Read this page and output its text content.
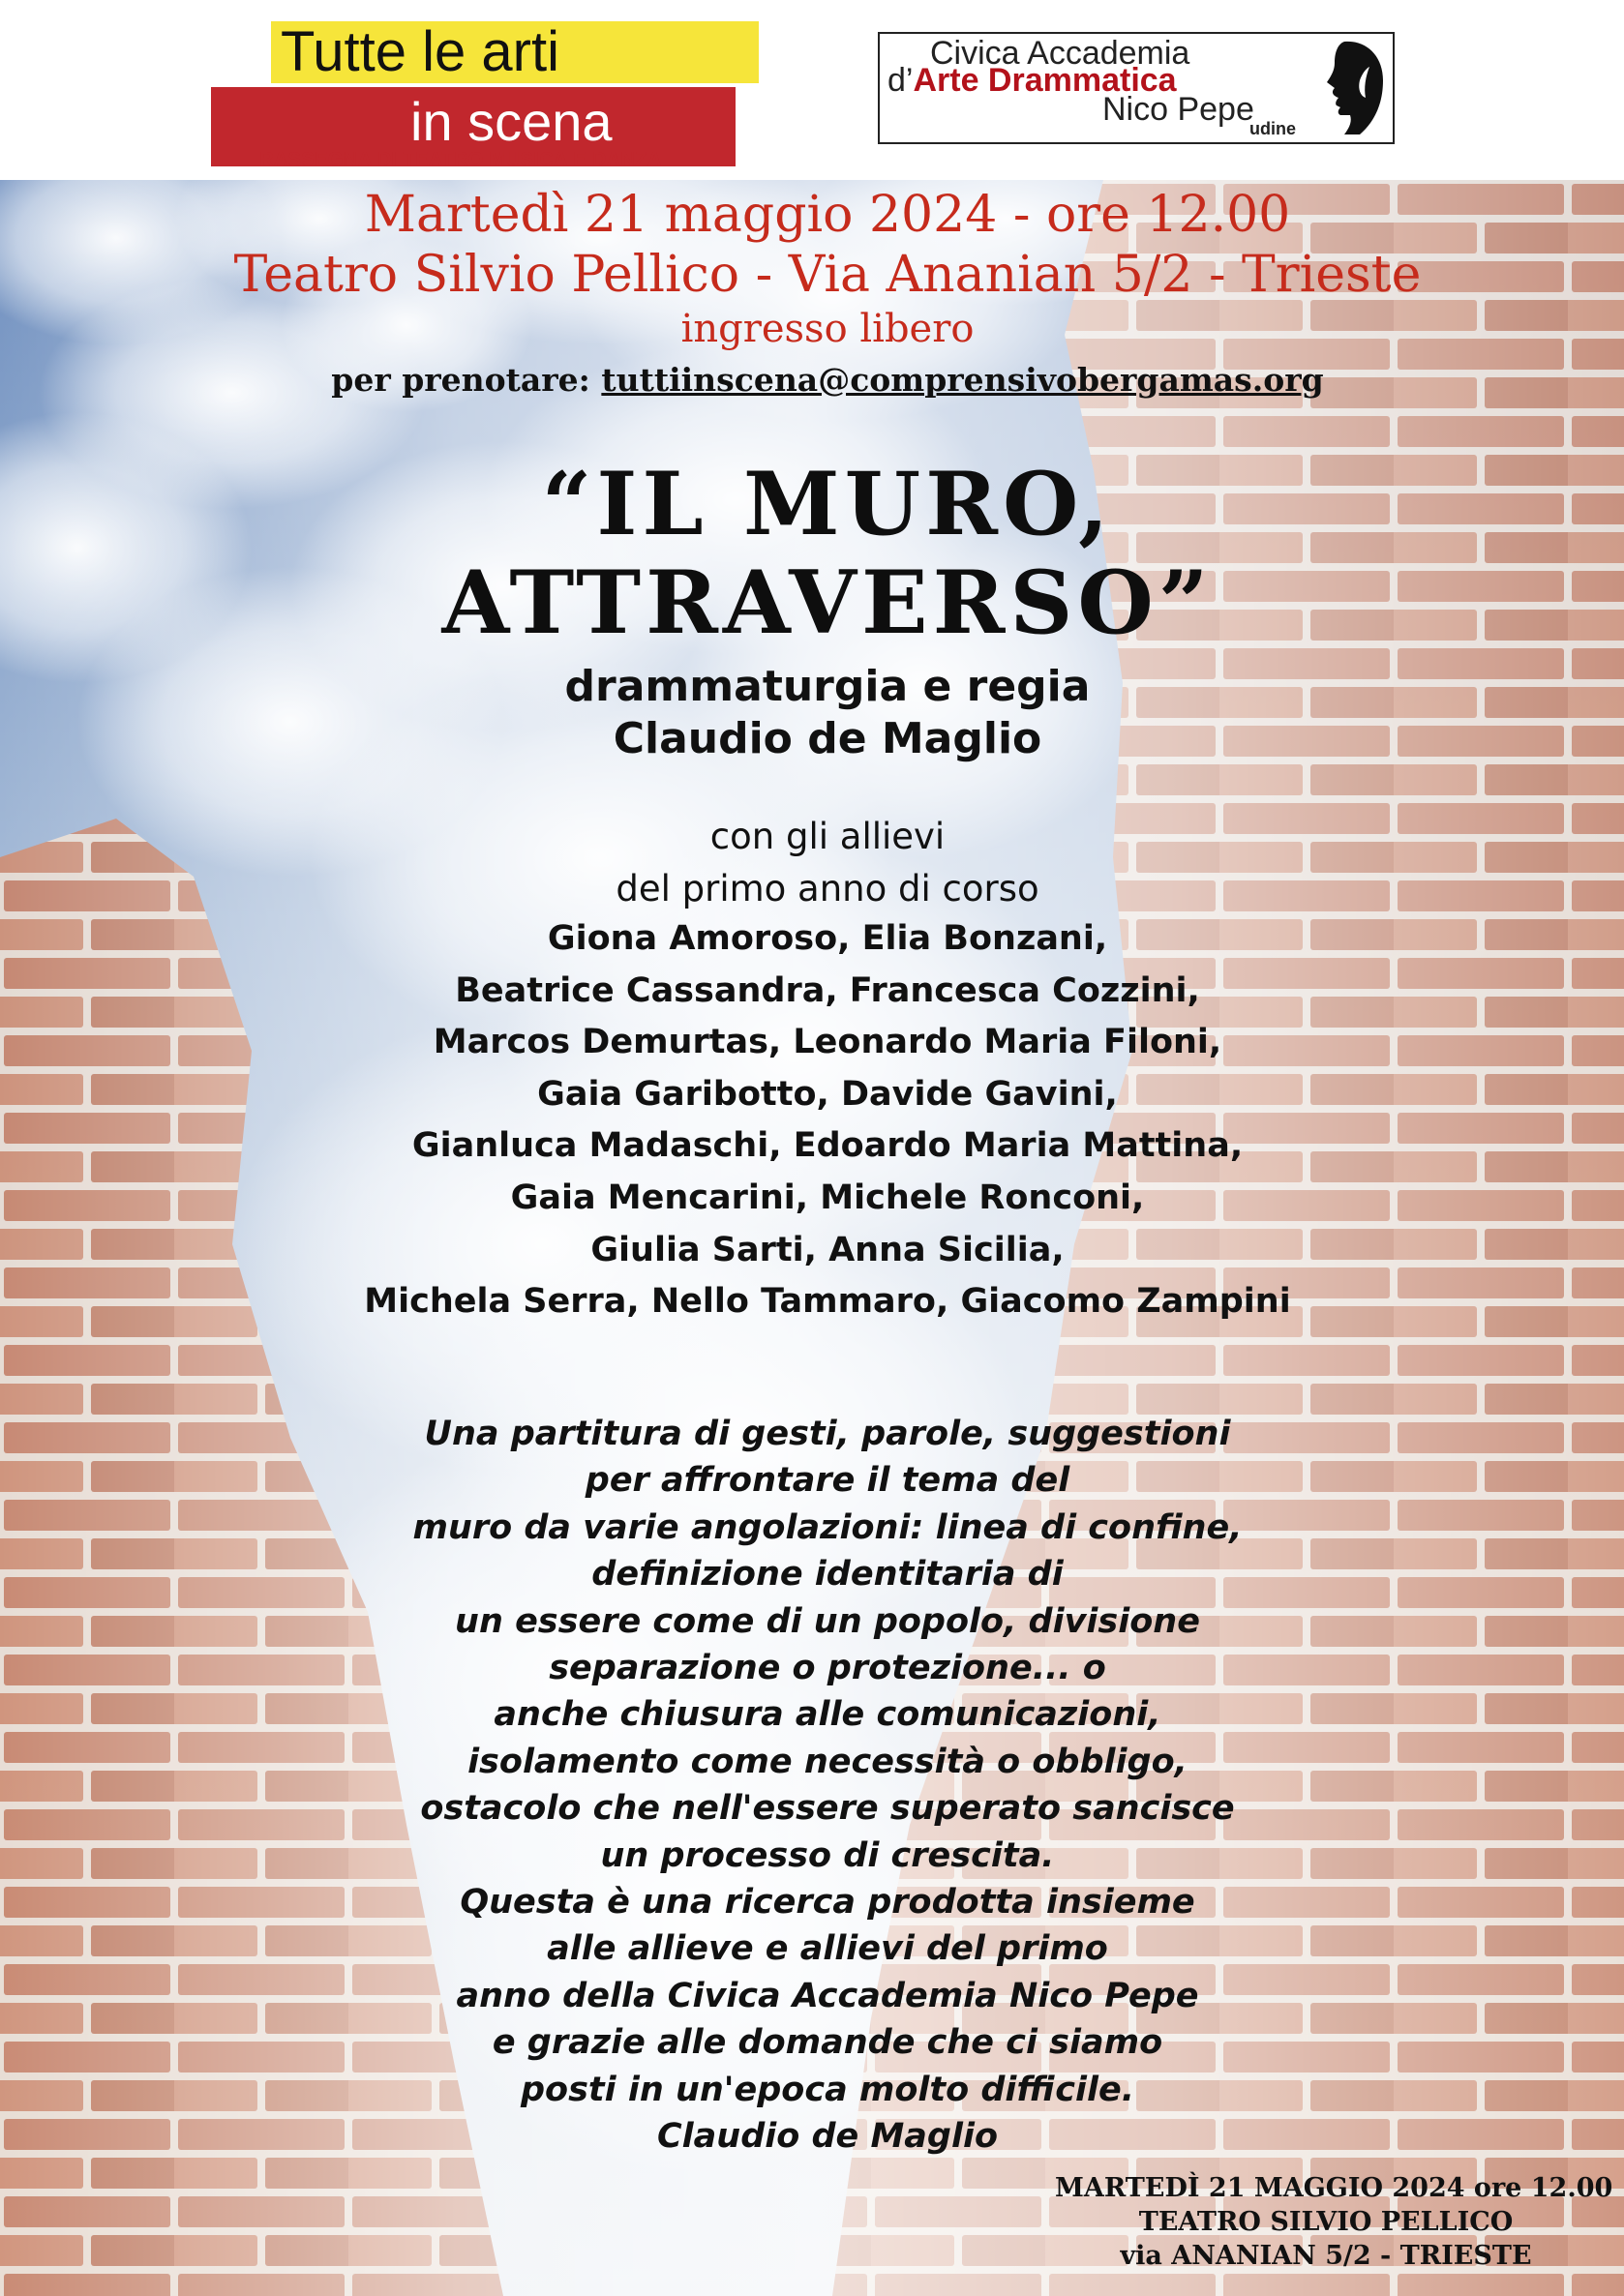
Tutte le arti
in scena
RASSEGNA DI TEATRO MUSICA E DANZA
Civica Accademia
d’Arte Drammatica
Nico Pepe
udine
Martedì 21 maggio 2024 - ore 12.00
Teatro Silvio Pellico - Via Ananian 5/2 - Trieste
ingresso libero
per prenotare: tuttiinscena@comprensivobergamas.org
“IL MURO,
ATTRAVERSO”
drammaturgia e regia
Claudio de Maglio
con gli allievi
del primo anno di corso
Giona Amoroso, Elia Bonzani,
Beatrice Cassandra, Francesca Cozzini,
Marcos Demurtas, Leonardo Maria Filoni,
Gaia Garibotto, Davide Gavini,
Gianluca Madaschi, Edoardo Maria Mattina,
Gaia Mencarini, Michele Ronconi,
Giulia Sarti, Anna Sicilia,
Michela Serra, Nello Tammaro, Giacomo Zampini
Una partitura di gesti, parole, suggestioni
per affrontare il tema del
muro da varie angolazioni: linea di confine,
definizione identitaria di
un essere come di un popolo, divisione
separazione o protezione... o
anche chiusura alle comunicazioni,
isolamento come necessità o obbligo,
ostacolo che nell'essere superato sancisce
un processo di crescita.
Questa è una ricerca prodotta insieme
alle allieve e allievi del primo
anno della Civica Accademia Nico Pepe
e grazie alle domande che ci siamo
posti in un'epoca molto difficile.
Claudio de Maglio
MARTEDÌ 21 MAGGIO 2024 ore 12.00
TEATRO SILVIO PELLICO
via ANANIAN 5/2 - TRIESTE
